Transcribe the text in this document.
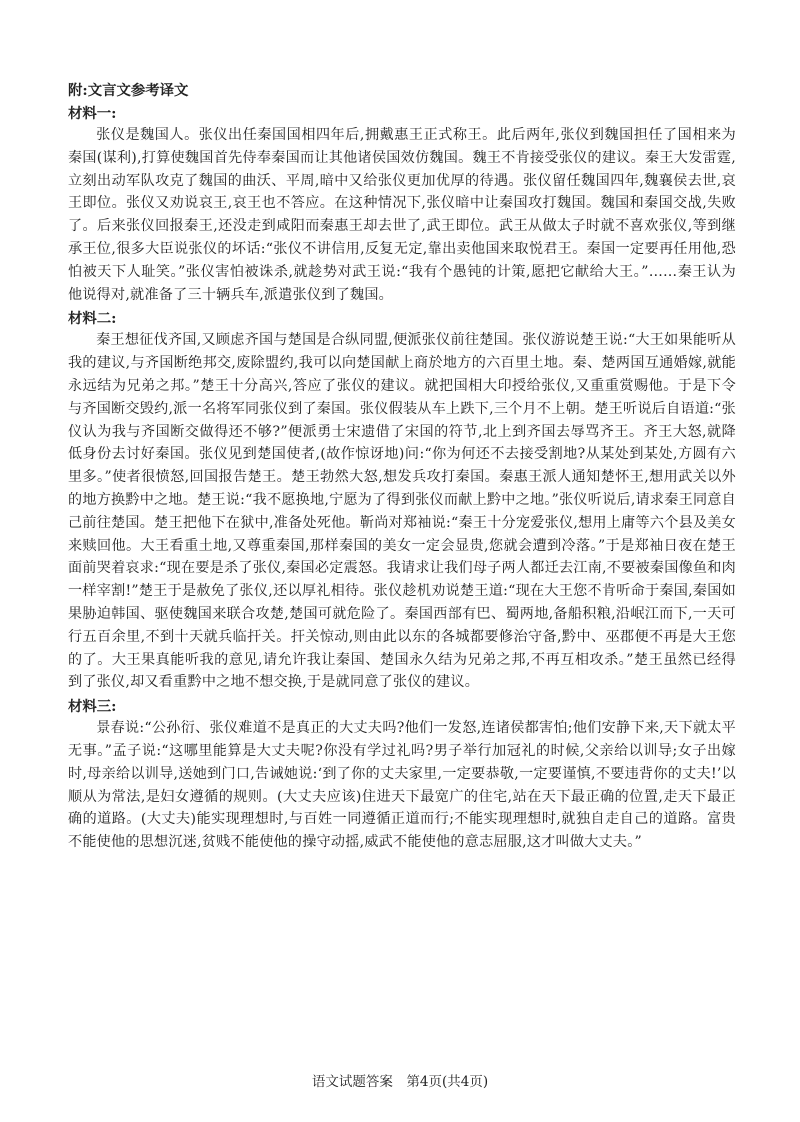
附:文言文参考译文

材料一:

张仪是魏国人。张仪出任秦国国相四年后,拥戴惠王正式称王。此后两年,张仪到魏国担任了国相来为秦国(谋利),打算使魏国首先侍奉秦国而让其他诸侯国效仿魏国。魏王不肯接受张仪的建议。秦王大发雷霆,立刻出动军队攻克了魏国的曲沃、平周,暗中又给张仪更加优厚的待遇。张仪留任魏国四年,魏襄侯去世,哀王即位。张仪又劝说哀王,哀王也不答应。在这种情况下,张仪暗中让秦国攻打魏国。魏国和秦国交战,失败了。后来张仪回报秦王,还没走到咸阳而秦惠王却去世了,武王即位。武王从做太子时就不喜欢张仪,等到继承王位,很多大臣说张仪的坏话:“张仪不讲信用,反复无定,靠出卖他国来取悦君王。秦国一定要再任用他,恐怕被天下人耻笑。”张仪害怕被诛杀,就趁势对武王说:“我有个愚钝的计策,愿把它献给大王。”……秦王认为他说得对,就准备了三十辆兵车,派遣张仪到了魏国。

材料二:

秦王想征伐齐国,又顾虑齐国与楚国是合纵同盟,便派张仪前往楚国。张仪游说楚王说:“大王如果能听从我的建议,与齐国断绝邦交,废除盟约,我可以向楚国献上商於地方的六百里土地。秦、楚两国互通婚嫁,就能永远结为兄弟之邦。”楚王十分高兴,答应了张仪的建议。就把国相大印授给张仪,又重重赏赐他。于是下令与齐国断交毁约,派一名将军同张仪到了秦国。张仪假装从车上跌下,三个月不上朝。楚王听说后自语道:“张仪认为我与齐国断交做得还不够?”便派勇士宋遗借了宋国的符节,北上到齐国去辱骂齐王。齐王大怒,就降低身份去讨好秦国。张仪见到楚国使者,(故作惊讶地)问:“你为何还不去接受割地?从某处到某处,方圆有六里多。”使者很愤怒,回国报告楚王。楚王勃然大怒,想发兵攻打秦国。秦惠王派人通知楚怀王,想用武关以外的地方换黔中之地。楚王说:“我不愿换地,宁愿为了得到张仪而献上黔中之地。”张仪听说后,请求秦王同意自己前往楚国。楚王把他下在狱中,准备处死他。靳尚对郑袖说:“秦王十分宠爱张仪,想用上庸等六个县及美女来赎回他。大王看重土地,又尊重秦国,那样秦国的美女一定会显贵,您就会遭到冷落。”于是郑袖日夜在楚王面前哭着哀求:“现在要是杀了张仪,秦国必定震怒。我请求让我们母子两人都迁去江南,不要被秦国像鱼和肉一样宰割!”楚王于是赦免了张仪,还以厚礼相待。张仪趁机劝说楚王道:“现在大王您不肯听命于秦国,秦国如果胁迫韩国、驱使魏国来联合攻楚,楚国可就危险了。秦国西部有巴、蜀两地,备船积粮,沿岷江而下,一天可行五百余里,不到十天就兵临扞关。扞关惊动,则由此以东的各城都要修治守备,黔中、巫郡便不再是大王您的了。大王果真能听我的意见,请允许我让秦国、楚国永久结为兄弟之邦,不再互相攻杀。”楚王虽然已经得到了张仪,却又看重黔中之地不想交换,于是就同意了张仪的建议。

材料三:

景春说:“公孙衍、张仪难道不是真正的大丈夫吗?他们一发怒,连诸侯都害怕;他们安静下来,天下就太平无事。”孟子说:“这哪里能算是大丈夫呢?你没有学过礼吗?男子举行加冠礼的时候,父亲给以训导;女子出嫁时,母亲给以训导,送她到门口,告诫她说:‘到了你的丈夫家里,一定要恭敬,一定要谨慎,不要违背你的丈夫!’以顺从为常法,是妇女遵循的规则。(大丈夫应该)住进天下最宽广的住宅,站在天下最正确的位置,走天下最正确的道路。(大丈夫)能实现理想时,与百姓一同遵循正道而行;不能实现理想时,就独自走自己的道路。富贵不能使他的思想沉迷,贫贱不能使他的操守动摇,威武不能使他的意志屈服,这才叫做大丈夫。”

语文试题答案　第4页(共4页)
